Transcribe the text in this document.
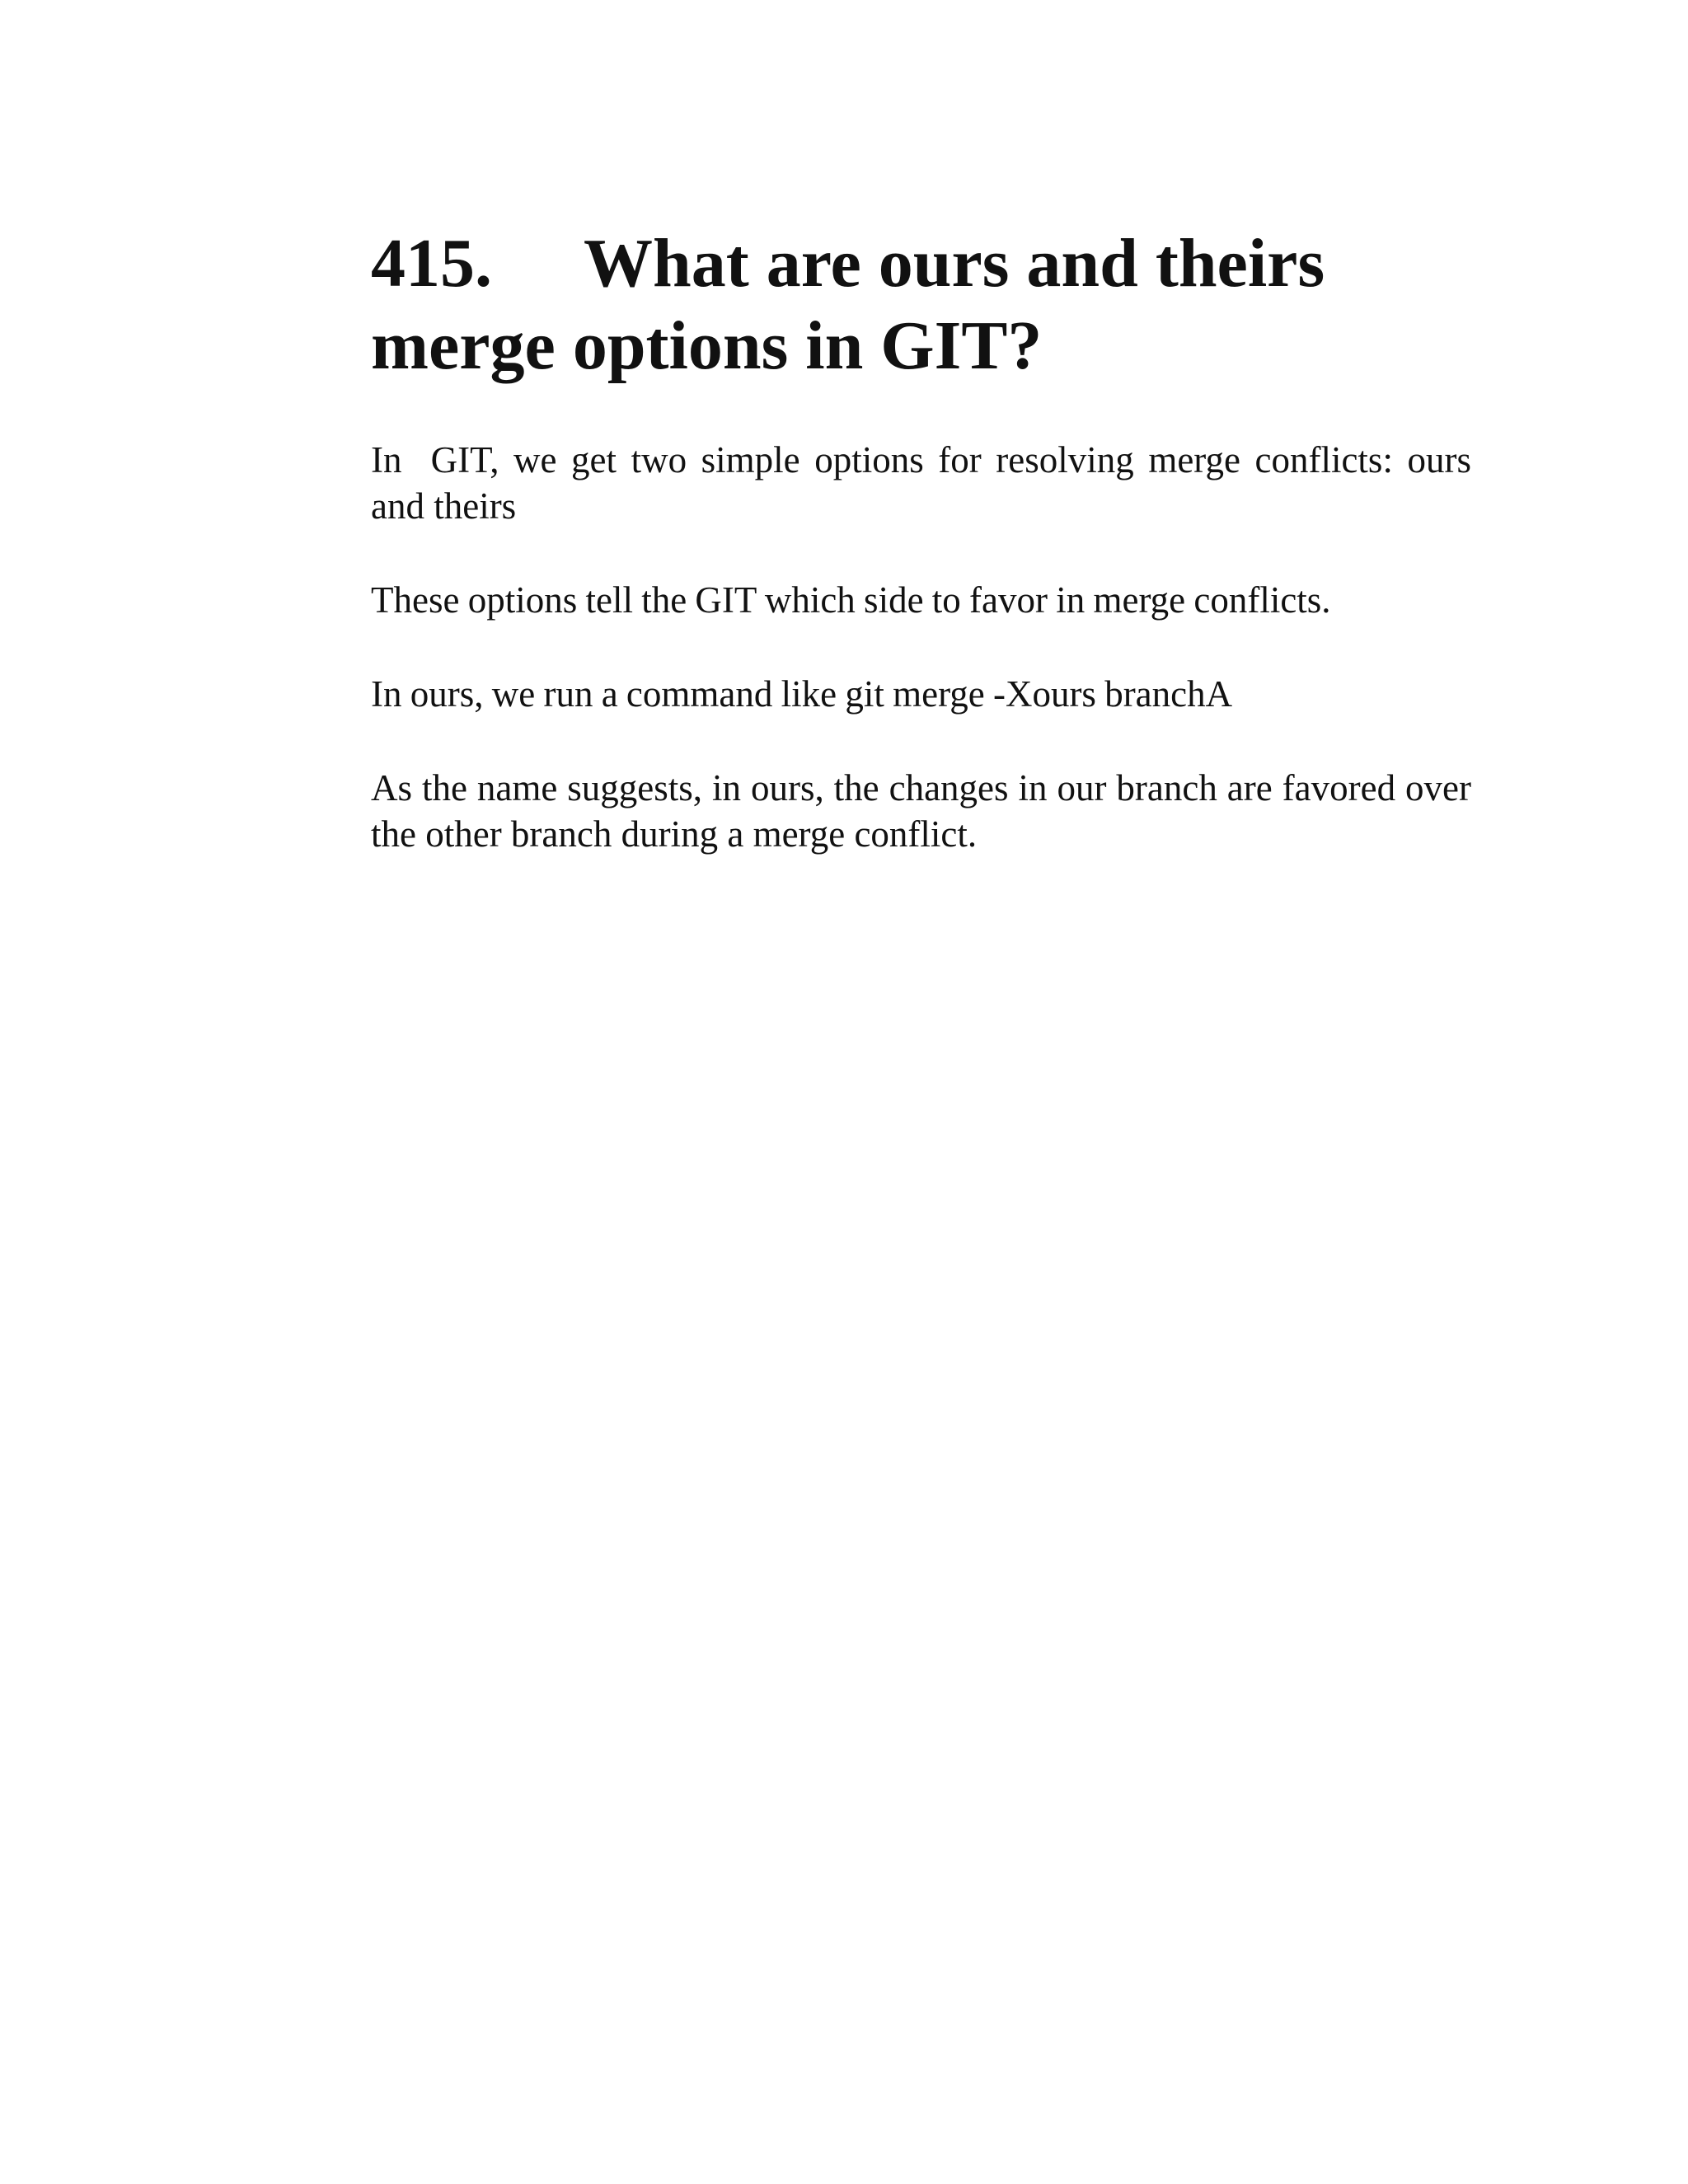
415. What are ours and theirs
merge options in GIT?

In  GIT, we get two simple options for resolving merge conflicts: ours and theirs

These options tell the GIT which side to favor in merge conflicts.

In ours, we run a command like git merge -Xours branchA

As the name suggests, in ours, the changes in our branch are favored over the other branch during a merge conflict.
